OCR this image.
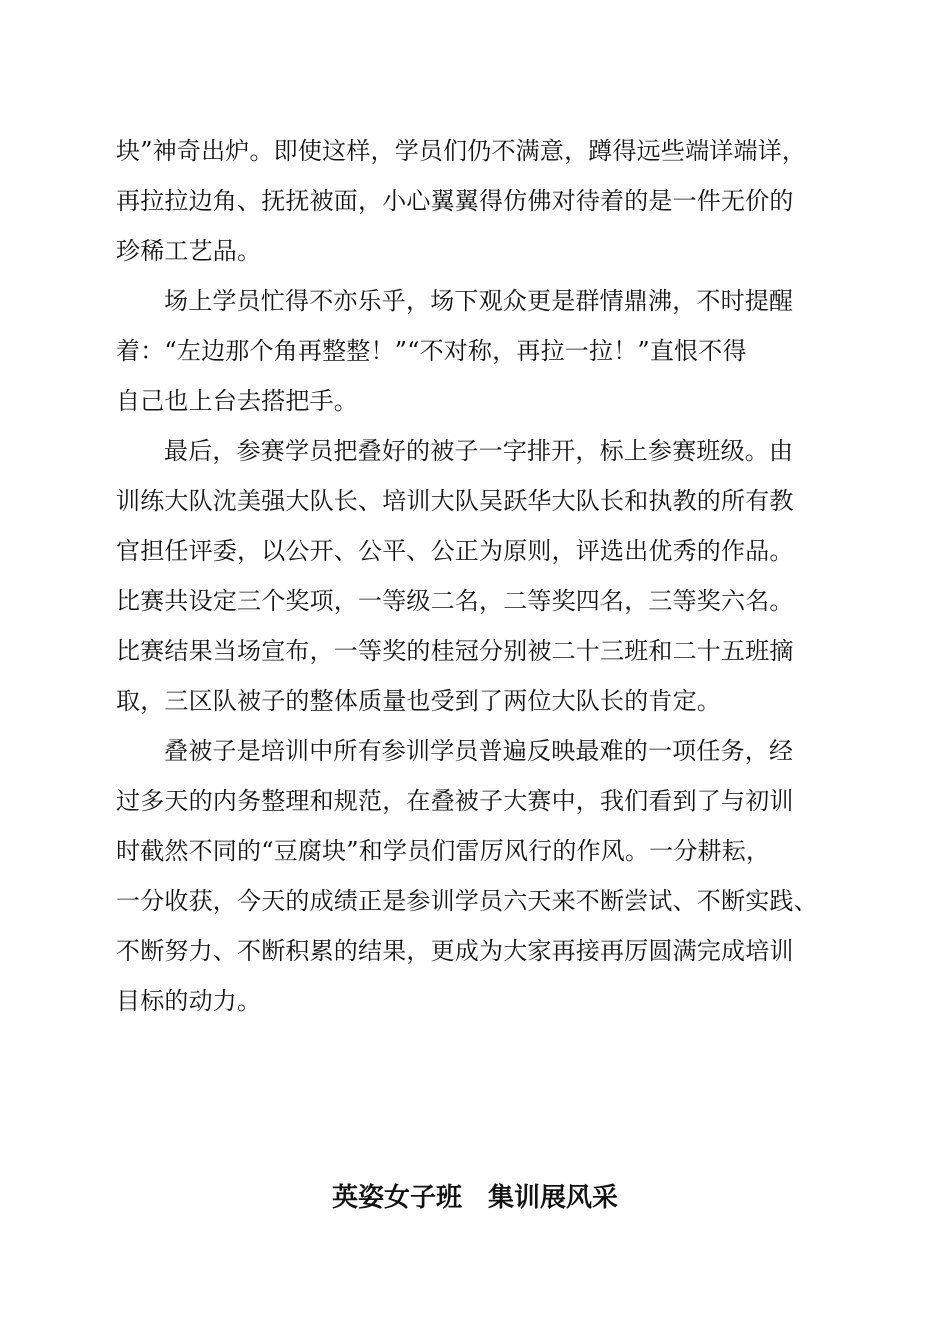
块”神奇出炉。即使这样，学员们仍不满意，蹲得远些端详端详，
再拉拉边角、抚抚被面，小心翼翼得仿佛对待着的是一件无价的
珍稀工艺品。
场上学员忙得不亦乐乎，场下观众更是群情鼎沸，不时提醒
着：“左边那个角再整整！”“不对称，再拉一拉！”直恨不得
自己也上台去搭把手。
最后，参赛学员把叠好的被子一字排开，标上参赛班级。由
训练大队沈美强大队长、培训大队吴跃华大队长和执教的所有教
官担任评委，以公开、公平、公正为原则，评选出优秀的作品。
比赛共设定三个奖项，一等级二名，二等奖四名，三等奖六名。
比赛结果当场宣布，一等奖的桂冠分别被二十三班和二十五班摘
取，三区队被子的整体质量也受到了两位大队长的肯定。
叠被子是培训中所有参训学员普遍反映最难的一项任务，经
过多天的内务整理和规范，在叠被子大赛中，我们看到了与初训
时截然不同的“豆腐块”和学员们雷厉风行的作风。一分耕耘，
一分收获，今天的成绩正是参训学员六天来不断尝试、不断实践、
不断努力、不断积累的结果，更成为大家再接再厉圆满完成培训
目标的动力。
英姿女子班　集训展风采
